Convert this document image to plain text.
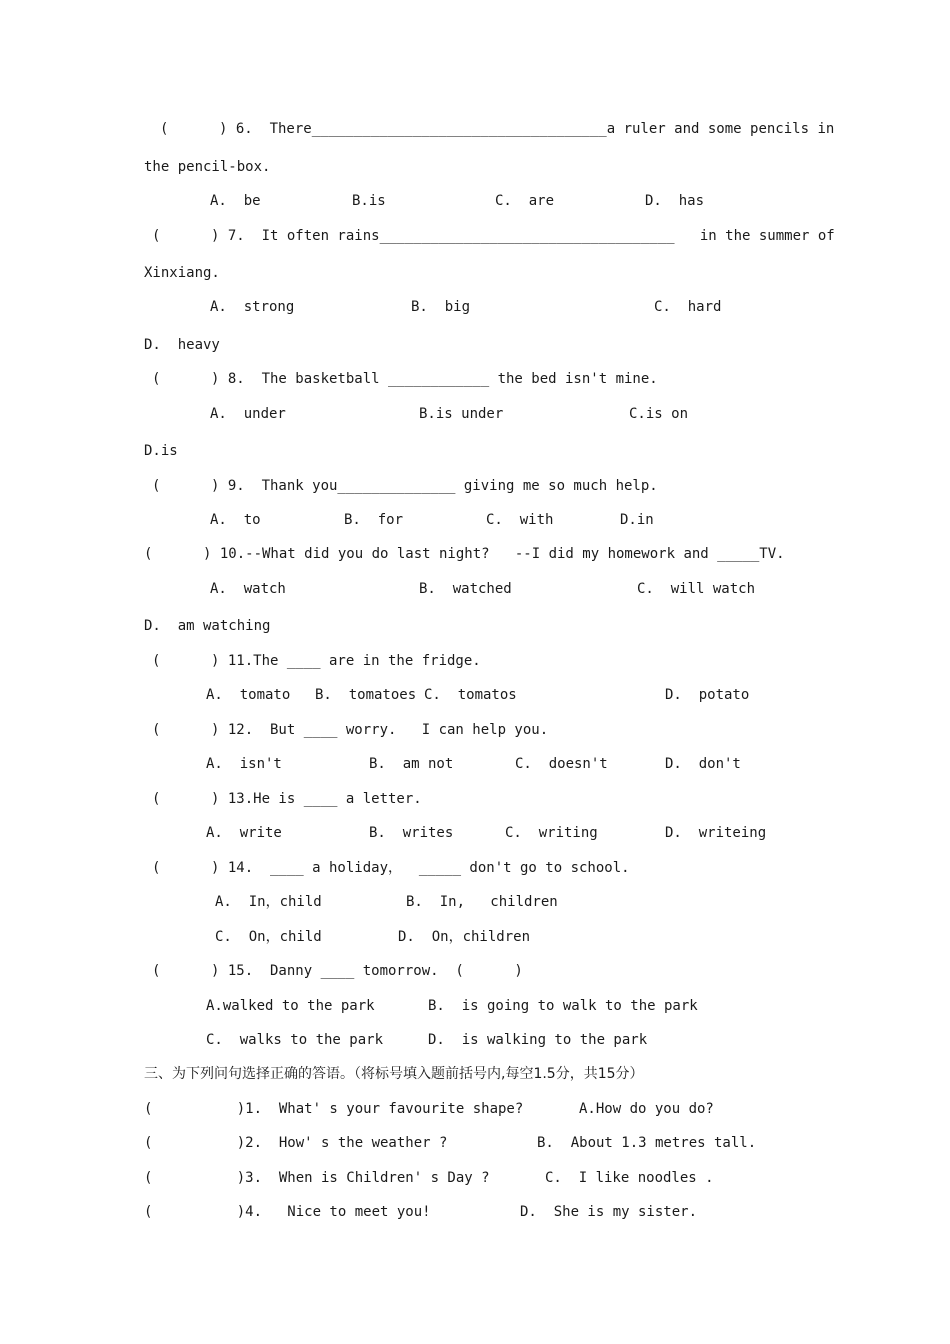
(      ) 6.  There___________________________________a ruler and some pencils in
the pencil-box.
A.  be	B.is	C.  are	D.  has
(      ) 7.  It often rains___________________________________   in the summer of
Xinxiang.
A.  strong	B.  big	C.  hard
D.  heavy
(      ) 8.  The basketball ____________ the bed isn't mine.
A.  under	B.is under	C.is on
D.is
(      ) 9.  Thank you______________ giving me so much help.
A.  to	B.  for	C.  with	D.in
(      ) 10.--What did you do last night?   --I did my homework and _____TV.
A.  watch	B.  watched	C.  will watch
D.  am watching
(      ) 11.The ____ are in the fridge.
A.  tomato B.  tomatoes C.  tomatos	D.  potato
(      ) 12.  But ____ worry.   I can help you.
A.  isn't	B.  am not	C.  doesn't	D.  don't
(      ) 13.He is ____ a letter.
A.  write	B.  writes	C.  writing	D.  writeing
(      ) 14.  ____ a holiday，  _____ don't go to school.
A.  In，child	B.  In,   children
C.  On，child	D.  On，children
(      ) 15.  Danny ____ tomorrow.  (      )
A.walked to the park	B.  is going to walk to the park
C.  walks to the park	D.  is walking to the park
三、为下列问句选择正确的答语。（将标号填入题前括号内,每空1.5分，共15分）
(          )1.  What' s your favourite shape?	A.How do you do?
(          )2.  How' s the weather ?	B.  About 1.3 metres tall.
(          )3.  When is Children' s Day ?	C.  I like noodles .
(          )4.   Nice to meet you!	D.  She is my sister.
